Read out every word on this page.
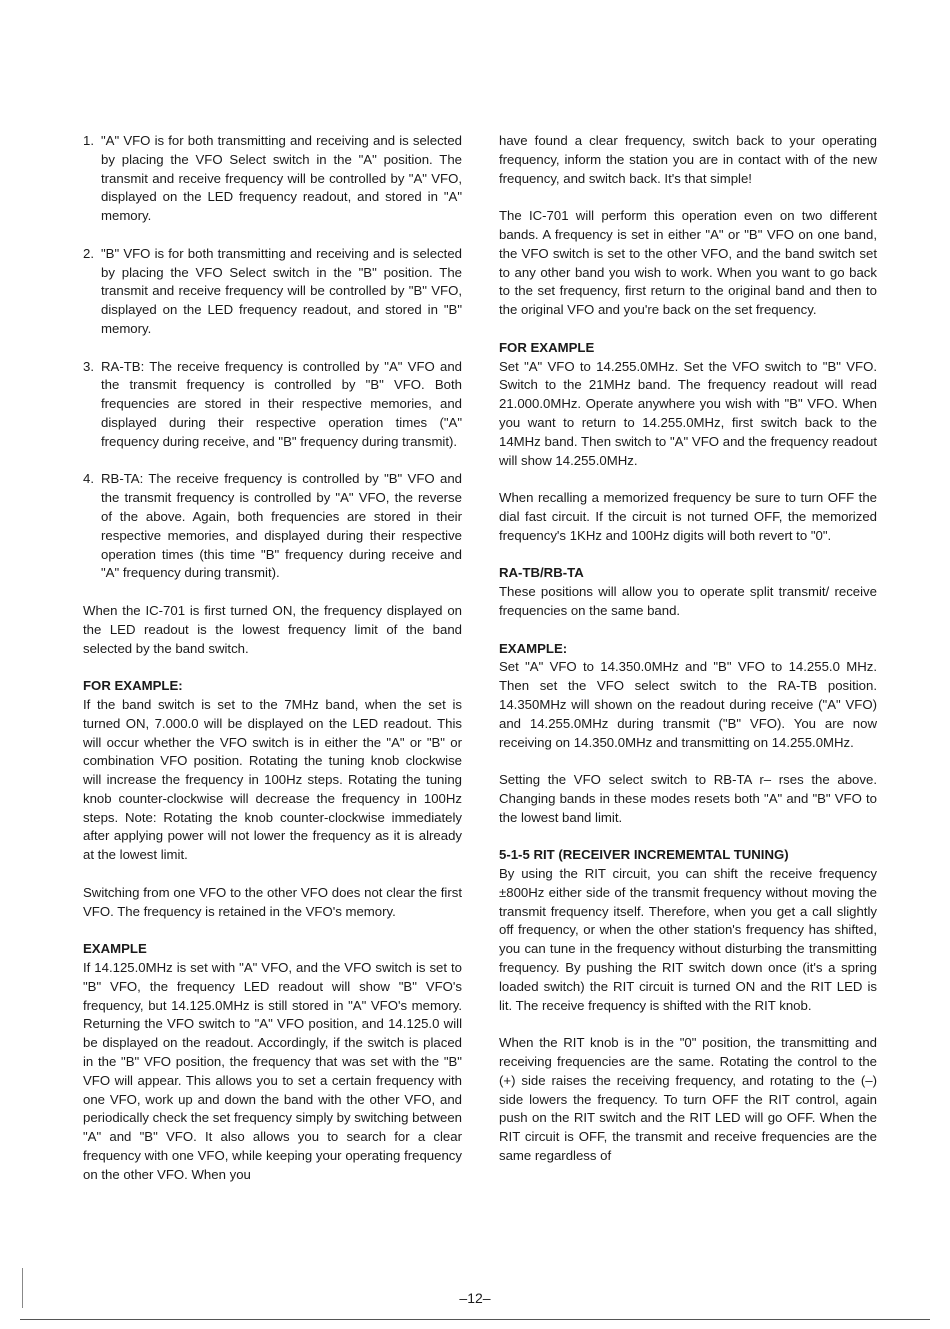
1. "A" VFO is for both transmitting and receiving and is selected by placing the VFO Select switch in the "A" position. The transmit and receive frequency will be controlled by "A" VFO, displayed on the LED frequency readout, and stored in "A" memory.
2. "B" VFO is for both transmitting and receiving and is selected by placing the VFO Select switch in the "B" position. The transmit and receive frequency will be controlled by "B" VFO, displayed on the LED frequency readout, and stored in "B" memory.
3. RA-TB: The receive frequency is controlled by "A" VFO and the transmit frequency is controlled by "B" VFO. Both frequencies are stored in their respective memories, and displayed during their respective operation times ("A" frequency during receive, and "B" frequency during transmit).
4. RB-TA: The receive frequency is controlled by "B" VFO and the transmit frequency is controlled by "A" VFO, the reverse of the above. Again, both frequencies are stored in their respective memories, and displayed during their respective operation times (this time "B" frequency during receive and "A" frequency during transmit).

When the IC-701 is first turned ON, the frequency displayed on the LED readout is the lowest frequency limit of the band selected by the band switch.

FOR EXAMPLE:

If the band switch is set to the 7MHz band, when the set is turned ON, 7.000.0 will be displayed on the LED readout. This will occur whether the VFO switch is in either the "A" or "B" or combination VFO position. Rotating the tuning knob clockwise will increase the frequency in 100Hz steps. Rotating the tuning knob counter-clockwise will decrease the frequency in 100Hz steps. Note: Rotating the knob counter-clockwise immediately after applying power will not lower the frequency as it is already at the lowest limit.

Switching from one VFO to the other VFO does not clear the first VFO. The frequency is retained in the VFO's memory.

EXAMPLE

If 14.125.0MHz is set with "A" VFO, and the VFO switch is set to "B" VFO, the frequency LED readout will show "B" VFO's frequency, but 14.125.0MHz is still stored in "A" VFO's memory. Returning the VFO switch to "A" VFO position, and 14.125.0 will be displayed on the readout. Accordingly, if the switch is placed in the "B" VFO position, the frequency that was set with the "B" VFO will appear. This allows you to set a certain frequency with one VFO, work up and down the band with the other VFO, and periodically check the set frequency simply by switching between "A" and "B" VFO. It also allows you to search for a clear frequency with one VFO, while keeping your operating frequency on the other VFO. When you

have found a clear frequency, switch back to your operating frequency, inform the station you are in contact with of the new frequency, and switch back. It's that simple!

The IC-701 will perform this operation even on two different bands. A frequency is set in either "A" or "B" VFO on one band, the VFO switch is set to the other VFO, and the band switch set to any other band you wish to work. When you want to go back to the set frequency, first return to the original band and then to the original VFO and you're back on the set frequency.

FOR EXAMPLE

Set "A" VFO to 14.255.0MHz. Set the VFO switch to "B" VFO. Switch to the 21MHz band. The frequency readout will read 21.000.0MHz. Operate anywhere you wish with "B" VFO. When you want to return to 14.255.0MHz, first switch back to the 14MHz band. Then switch to "A" VFO and the frequency readout will show 14.255.0MHz.

When recalling a memorized frequency be sure to turn OFF the dial fast circuit. If the circuit is not turned OFF, the memorized frequency's 1KHz and 100Hz digits will both revert to "0".

RA-TB/RB-TA

These positions will allow you to operate split transmit/ receive frequencies on the same band.

EXAMPLE:

Set "A" VFO to 14.350.0MHz and "B" VFO to 14.255.0 MHz. Then set the VFO select switch to the RA-TB position. 14.350MHz will shown on the readout during receive ("A" VFO) and 14.255.0MHz during transmit ("B" VFO). You are now receiving on 14.350.0MHz and transmitting on 14.255.0MHz.

Setting the VFO select switch to RB-TA r– rses the above. Changing bands in these modes resets both "A" and "B" VFO to the lowest band limit.

5-1-5 RIT (RECEIVER INCREMEMTAL TUNING)

By using the RIT circuit, you can shift the receive frequency ±800Hz either side of the transmit frequency without moving the transmit frequency itself. Therefore, when you get a call slightly off frequency, or when the other station's frequency has shifted, you can tune in the frequency without disturbing the transmitting frequency. By pushing the RIT switch down once (it's a spring loaded switch) the RIT circuit is turned ON and the RIT LED is lit. The receive frequency is shifted with the RIT knob.

When the RIT knob is in the "0" position, the transmitting and receiving frequencies are the same. Rotating the control to the (+) side raises the receiving frequency, and rotating to the (–) side lowers the frequency. To turn OFF the RIT control, again push on the RIT switch and the RIT LED will go OFF. When the RIT circuit is OFF, the transmit and receive frequencies are the same regardless of

–12–
